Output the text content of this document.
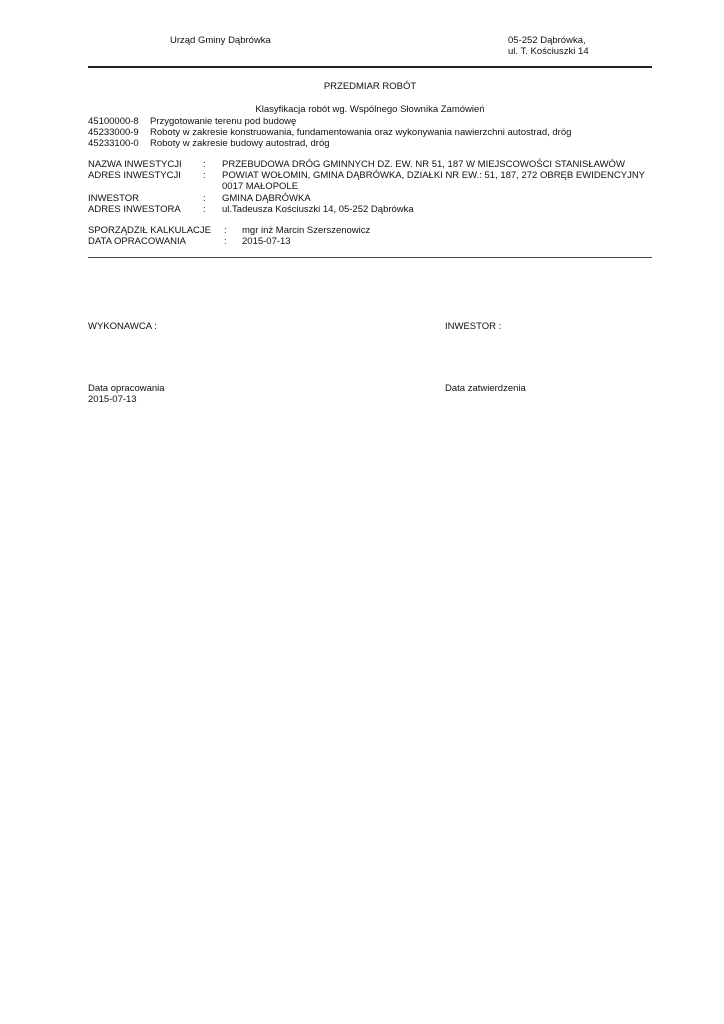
Urząd Gminy Dąbrówka	05-252 Dąbrówka,
ul. T. Kościuszki 14
PRZEDMIAR ROBÓT
Klasyfikacja robót wg. Wspólnego Słownika Zamówień
45100000-8 Przygotowanie terenu pod budowę
45233000-9 Roboty w zakresie konstruowania, fundamentowania oraz wykonywania nawierzchni autostrad, dróg
45233100-0 Roboty w zakresie budowy autostrad, dróg
NAZWA INWESTYCJI : PRZEBUDOWA DRÓG GMINNYCH DZ. EW. NR 51, 187 W MIEJSCOWOŚCI STANISŁAWÓW
ADRES INWESTYCJI : POWIAT WOŁOMIN, GMINA DĄBRÓWKA, DZIAŁKI NR EW.: 51, 187, 272 OBRĘB EWIDENCYJNY
0017 MAŁOPOLE
INWESTOR	: GMINA DĄBRÓWKA
ADRES INWESTORA : ul.Tadeusza Kościuszki 14, 05-252 Dąbrówka
SPORZĄDZIŁ KALKULACJE : mgr inż Marcin Szerszenowicz
DATA OPRACOWANIA	: 2015-07-13
WYKONAWCA :	INWESTOR :
Data opracowania
2015-07-13
Data zatwierdzenia
